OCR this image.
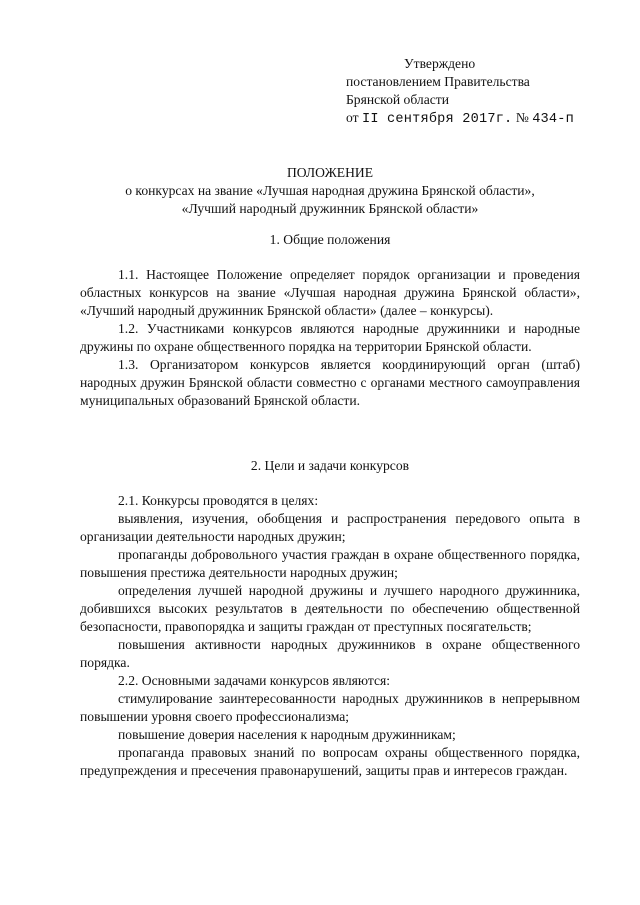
Утверждено
постановлением Правительства
Брянской области
от II сентября 2017г. № 434-п
ПОЛОЖЕНИЕ
о конкурсах на звание «Лучшая народная дружина Брянской области»,
«Лучший народный дружинник Брянской области»
1. Общие положения

1.1. Настоящее Положение определяет порядок организации и проведения областных конкурсов на звание «Лучшая народная дружина Брянской области», «Лучший народный дружинник Брянской области» (далее – конкурсы).

1.2. Участниками конкурсов являются народные дружинники и народные дружины по охране общественного порядка на территории Брянской области.

1.3. Организатором конкурсов является координирующий орган (штаб) народных дружин Брянской области совместно с органами местного самоуправления муниципальных образований Брянской области.

2. Цели и задачи конкурсов

2.1. Конкурсы проводятся в целях:

выявления, изучения, обобщения и распространения передового опыта в организации деятельности народных дружин;

пропаганды добровольного участия граждан в охране общественного порядка, повышения престижа деятельности народных дружин;

определения лучшей народной дружины и лучшего народного дружинника, добившихся высоких результатов в деятельности по обеспечению общественной безопасности, правопорядка и защиты граждан от преступных посягательств;

повышения активности народных дружинников в охране общественного порядка.

2.2. Основными задачами конкурсов являются:

стимулирование заинтересованности народных дружинников в непрерывном повышении уровня своего профессионализма;

повышение доверия населения к народным дружинникам;

пропаганда правовых знаний по вопросам охраны общественного порядка, предупреждения и пресечения правонарушений, защиты прав и интересов граждан.
